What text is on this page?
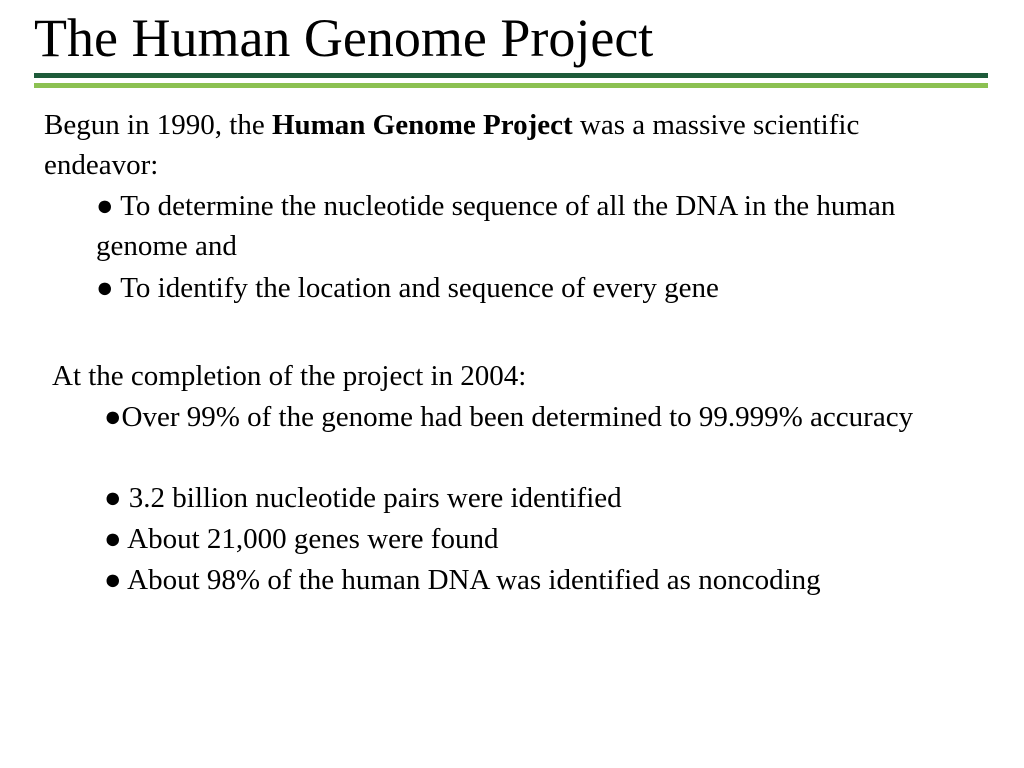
The Human Genome Project

Begun in 1990, the Human Genome Project was a massive scientific endeavor:

● To determine the nucleotide sequence of all the DNA in the human genome and

● To identify the location and sequence of every gene

At the completion of the project in 2004:

●Over 99% of the genome had been determined to 99.999% accuracy

● 3.2 billion nucleotide pairs were identified

● About 21,000 genes were found

● About 98% of the human DNA was identified as noncoding
